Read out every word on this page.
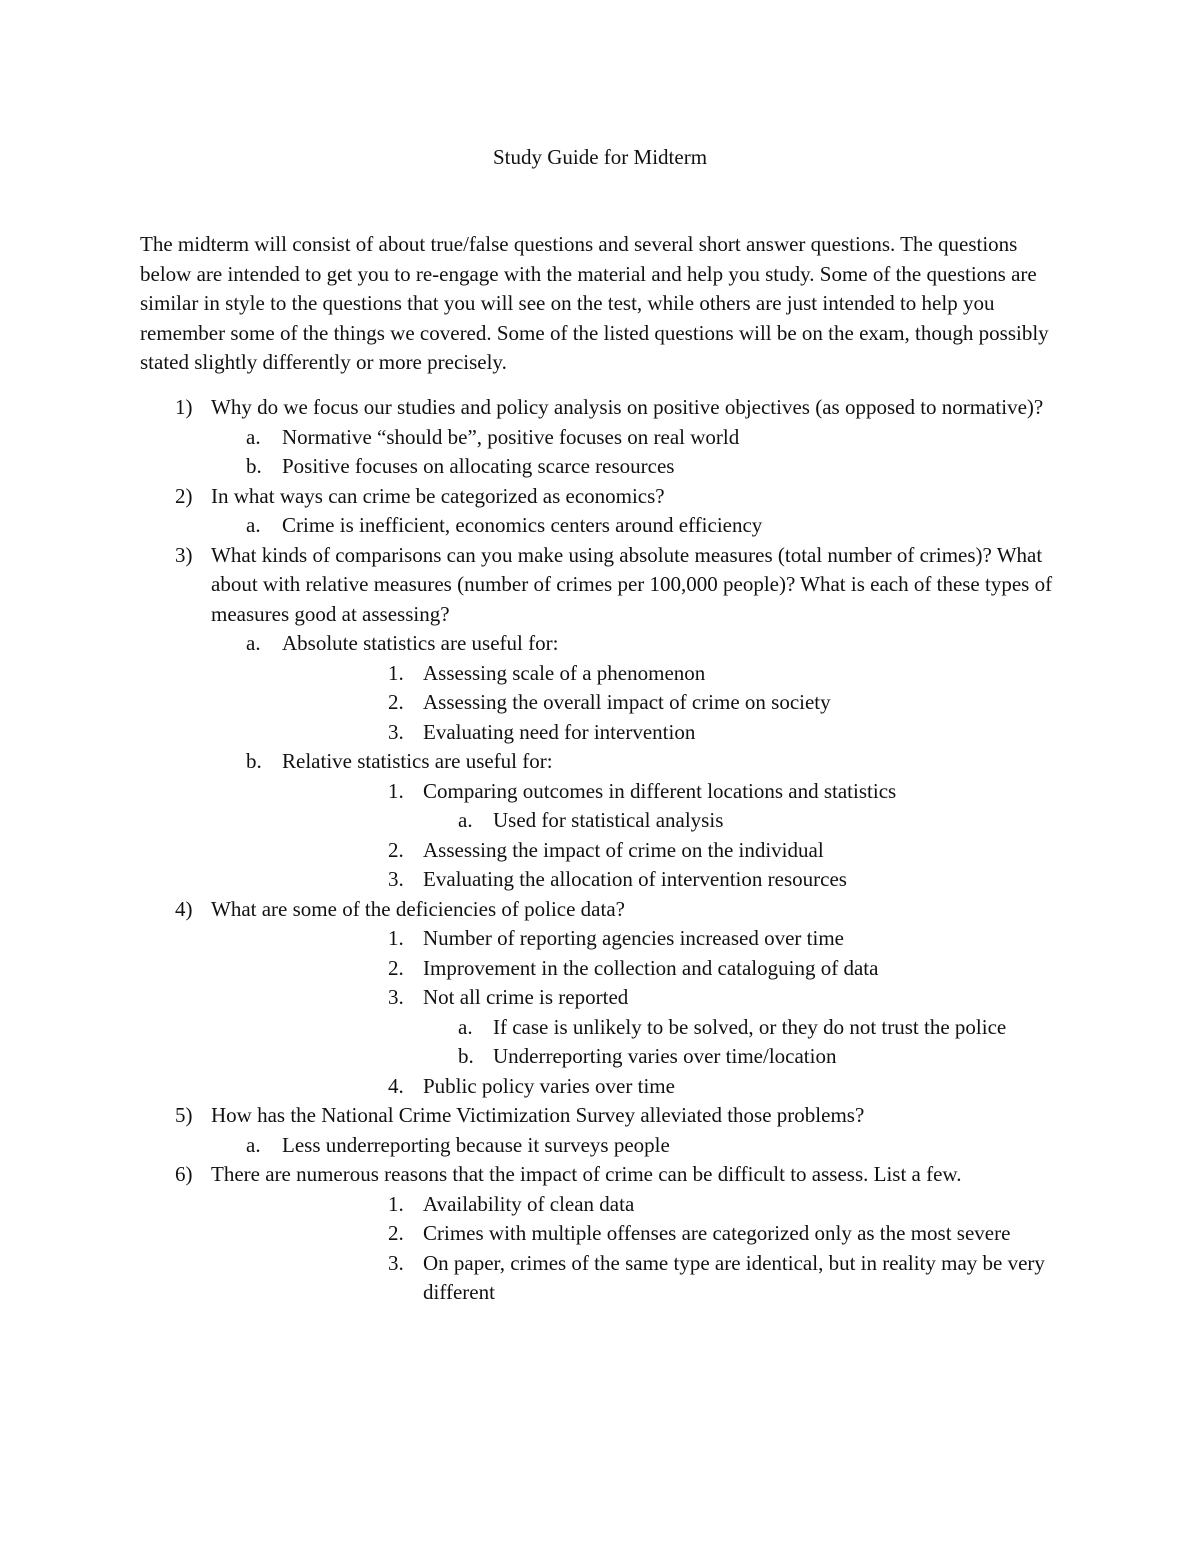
Study Guide for Midterm

The midterm will consist of about true/false questions and several short answer questions. The questions below are intended to get you to re-engage with the material and help you study. Some of the questions are similar in style to the questions that you will see on the test, while others are just intended to help you remember some of the things we covered. Some of the listed questions will be on the exam, though possibly stated slightly differently or more precisely.

1) Why do we focus our studies and policy analysis on positive objectives (as opposed to normative)?
a. Normative “should be”, positive focuses on real world
b. Positive focuses on allocating scarce resources
2) In what ways can crime be categorized as economics?
a. Crime is inefficient, economics centers around efficiency
3) What kinds of comparisons can you make using absolute measures (total number of crimes)? What about with relative measures (number of crimes per 100,000 people)? What is each of these types of measures good at assessing?
a. Absolute statistics are useful for:
1. Assessing scale of a phenomenon
2. Assessing the overall impact of crime on society
3. Evaluating need for intervention
b. Relative statistics are useful for:
1. Comparing outcomes in different locations and statistics
a. Used for statistical analysis
2. Assessing the impact of crime on the individual
3. Evaluating the allocation of intervention resources
4) What are some of the deficiencies of police data?
1. Number of reporting agencies increased over time
2. Improvement in the collection and cataloguing of data
3. Not all crime is reported
a. If case is unlikely to be solved, or they do not trust the police
b. Underreporting varies over time/location
4. Public policy varies over time
5) How has the National Crime Victimization Survey alleviated those problems?
a. Less underreporting because it surveys people
6) There are numerous reasons that the impact of crime can be difficult to assess. List a few.
1. Availability of clean data
2. Crimes with multiple offenses are categorized only as the most severe
3. On paper, crimes of the same type are identical, but in reality may be very different
